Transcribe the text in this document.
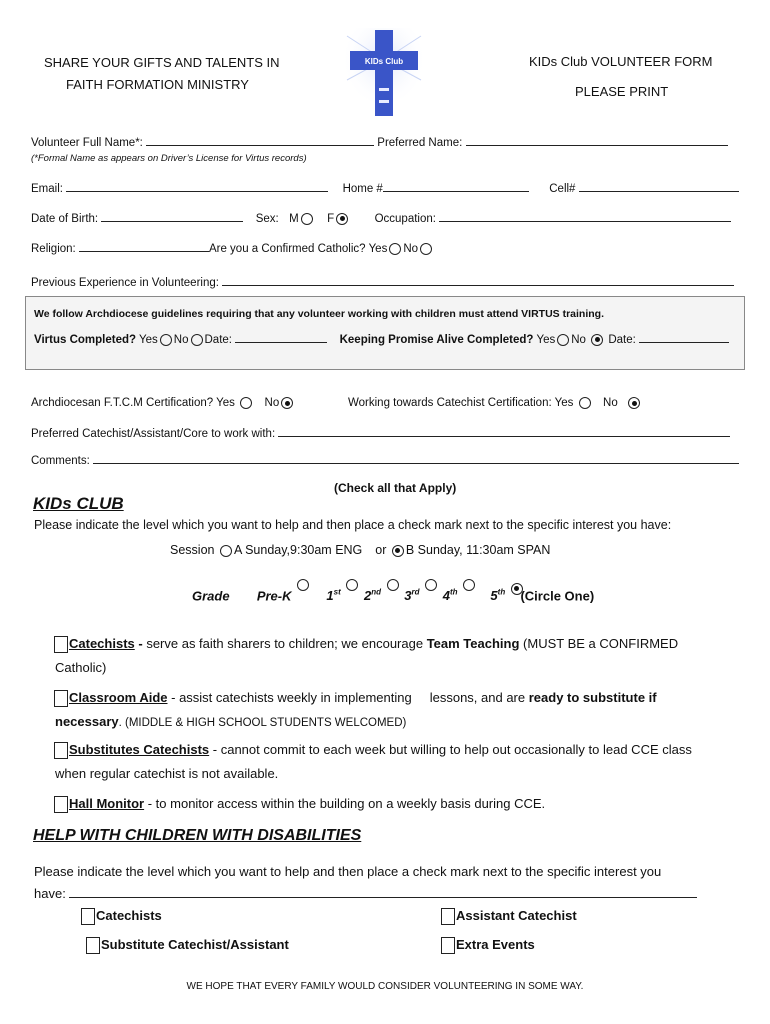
SHARE YOUR GIFTS AND TALENTS IN
FAITH FORMATION MINISTRY
KIDs Club VOLUNTEER FORM
PLEASE PRINT
KIDs Club
Volunteer Full Name*:	Preferred Name:
(*Formal Name as appears on Driver’s License for Virtus records)
Email:	Home #	Cell#
Date of Birth:	Sex: M F	Occupation:
Religion:	Are you a Confirmed Catholic? Yes No
Previous Experience in Volunteering:
We follow Archdiocese guidelines requiring that any volunteer working with children must attend VIRTUS training.
Virtus Completed? Yes No Date:	Keeping Promise Alive Completed? Yes No Date:
Archdiocesan F.T.C.M Certification? Yes	No	Working towards Catechist Certification: Yes	No
Preferred Catechist/Assistant/Core to work with:
Comments:
(Check all that Apply)
KIDs CLUB
Please indicate the level which you want to help and then place a check mark next to the specific interest you have:
Session A Sunday,9:30am ENG or B Sunday, 11:30am SPAN
Grade Pre-K	1st 2nd 3rd 4th	5th (Circle One)
Catechists - serve as faith sharers to children; we encourage Team Teaching (MUST BE a CONFIRMED
Catholic)
Classroom Aide - assist catechists weekly in implementing lessons, and are ready to substitute if
necessary. (MIDDLE & HIGH SCHOOL STUDENTS WELCOMED)
Substitutes Catechists - cannot commit to each week but willing to help out occasionally to lead CCE class
when regular catechist is not available.
Hall Monitor - to monitor access within the building on a weekly basis during CCE.
HELP WITH CHILDREN WITH DISABILITIES
Please indicate the level which you want to help and then place a check mark next to the specific interest you
have:
Catechists	Assistant Catechist
Substitute Catechist/Assistant	Extra Events
WE HOPE THAT EVERY FAMILY WOULD CONSIDER VOLUNTEERING IN SOME WAY.
